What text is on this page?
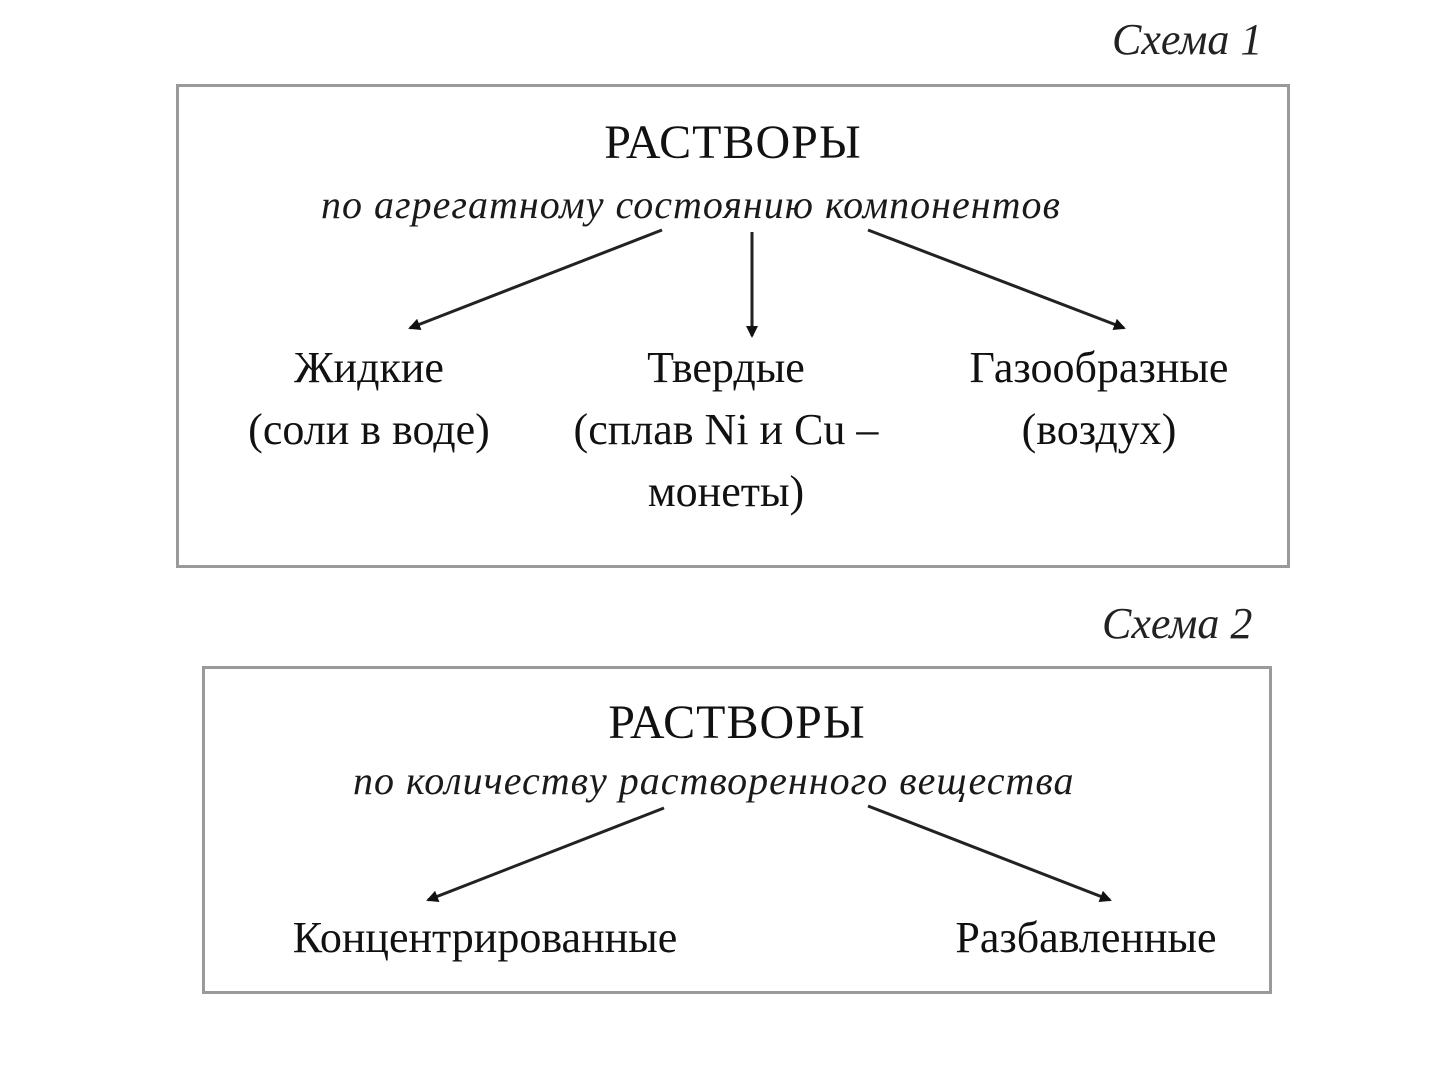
Схема 1
РАСТВОРЫ
по агрегатному состоянию компонентов
Жидкие
(соли в воде)
Твердые
(сплав Ni и Cu –
монеты)
Газообразные
(воздух)
Схема 2
РАСТВОРЫ
по количеству растворенного вещества
Концентрированные	Разбавленные
